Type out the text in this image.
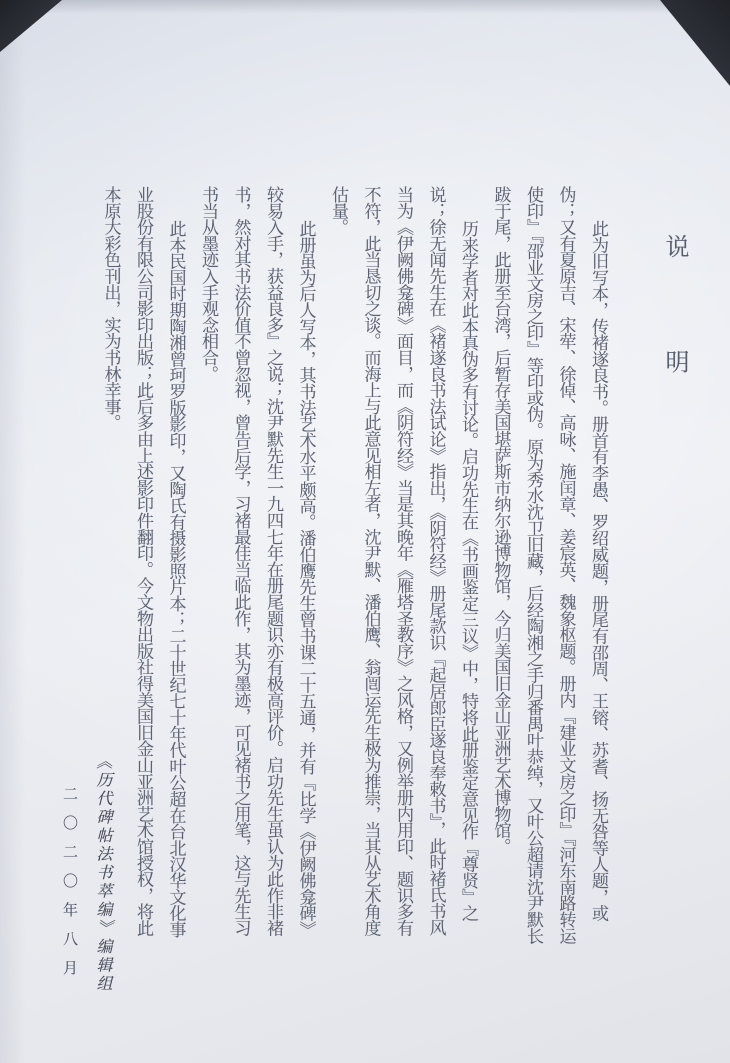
说明

此为旧写本，传褚遂良书。册首有李愚、罗绍威题，册尾有邵周、王镕、苏耆、扬无咎等人题，或伪；又有夏原吉、宋荦、徐倬、高咏、施闰章、姜宸英、魏象枢题。册内『建业文房之印』『河东南路转运使印』『邵业文房之印』等印或伪。原为秀水沈卫旧藏，后经陶湘之手归番禺叶恭绰，又叶公超请沈尹默长跋于尾，此册至台湾，后暂存美国堪萨斯市纳尔逊博物馆，今归美国旧金山亚洲艺术博物馆。

历来学者对此本真伪多有讨论。启功先生在《书画鉴定三议》中，特将此册鉴定意见作『尊贤』之说；徐无闻先生在《褚遂良书法试论》指出，《阴符经》册尾款识『起居郎臣遂良奉敕书』，此时褚氏书风当为《伊阙佛龛碑》面目，而《阴符经》当是其晚年《雁塔圣教序》之风格，又例举册内用印、题识多有不符，此当恳切之谈。而海上与此意见相左者，沈尹默、潘伯鹰、翁闿运先生极为推崇，当其从艺术角度估量。

此册虽为后人写本，其书法艺术水平颇高。潘伯鹰先生曾书课二十五通，并有『比学《伊阙佛龛碑》较易入手，获益良多』之说；沈尹默先生一九四七年在册尾题识亦有极高评价。启功先生虽认为此作非褚书，然对其书法价值不曾忽视，曾告后学，习褚最佳当临此作，其为墨迹，可见褚书之用笔，这与先生习书当从墨迹入手观念相合。

此本民国时期陶湘曾珂罗版影印，又陶氏有摄影照片本；二十世纪七十年代叶公超在台北汉华文化事业股份有限公司影印出版；此后多由上述影印件翻印。今文物出版社得美国旧金山亚洲艺术馆授权，将此本原大彩色刊出，实为书林幸事。

《历代碑帖法书萃编》编辑组
二〇二〇年八月
